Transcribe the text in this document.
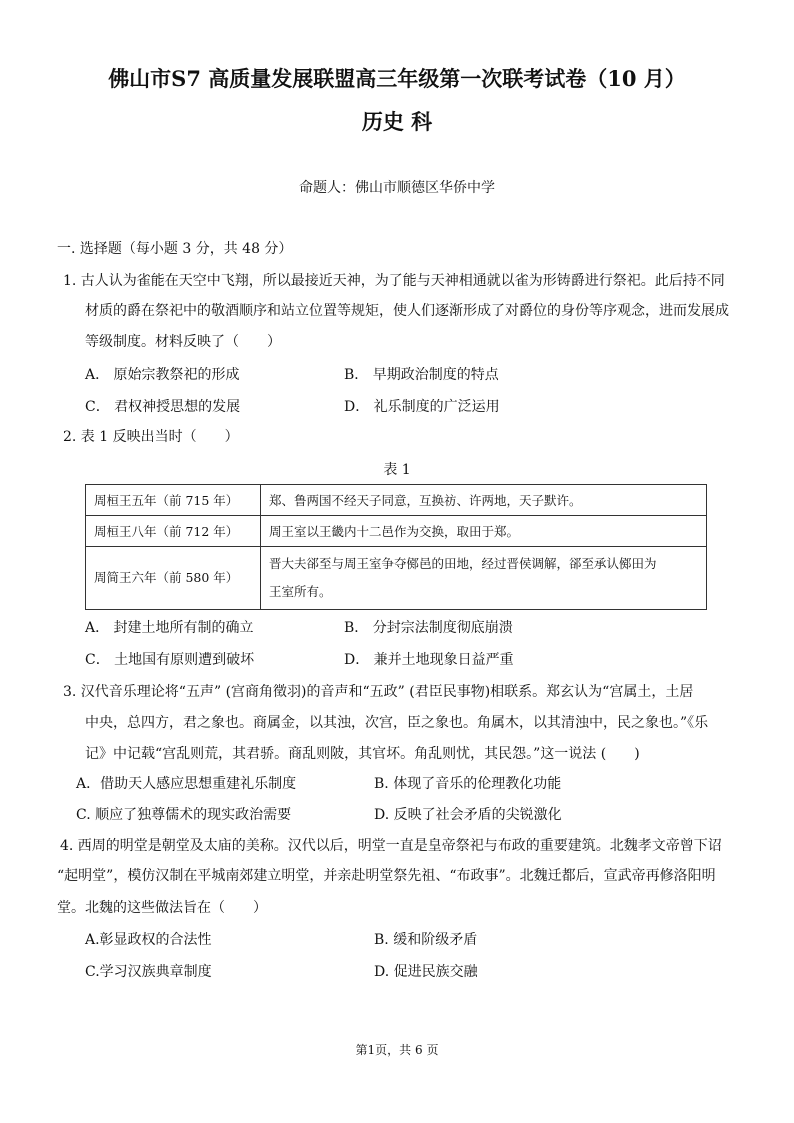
佛山市S7 高质量发展联盟高三年级第一次联考试卷（10 月）
历史 科
命题人：佛山市顺德区华侨中学
一. 选择题（每小题 3 分，共 48 分）
1. 古人认为雀能在天空中飞翔，所以最接近天神，为了能与天神相通就以雀为形铸爵进行祭祀。此后持不同
材质的爵在祭祀中的敬酒顺序和站立位置等规矩，使人们逐渐形成了对爵位的身份等序观念，进而发展成
等级制度。材料反映了（　　）
A． 原始宗教祭祀的形成	B． 早期政治制度的特点
C． 君权神授思想的发展	D． 礼乐制度的广泛运用
2. 表 1 反映出当时（　　）
表 1
周桓王五年（前 715 年）	郑、鲁两国不经天子同意，互换祊、许两地，天子默许。
周桓王八年（前 712 年）	周王室以王畿内十二邑作为交换，取田于郑。
周简王六年（前 580 年）	晋大夫郤至与周王室争夺鄇邑的田地，经过晋侯调解，郤至承认鄇田为
王室所有。
A． 封建土地所有制的确立	B． 分封宗法制度彻底崩溃
C． 土地国有原则遭到破坏	D． 兼并土地现象日益严重
3. 汉代音乐理论将“五声” (宫商角徵羽)的音声和“五政” (君臣民事物)相联系。郑玄认为“宫属土，土居
中央，总四方，君之象也。商属金，以其浊，次宫，臣之象也。角属木，以其清浊中，民之象也。”《乐
记》中记载“宫乱则荒，其君骄。商乱则陂，其官坏。角乱则忧，其民怨。”这一说法 (　　)
A．借助天人感应思想重建礼乐制度	B. 体现了音乐的伦理教化功能
C. 顺应了独尊儒术的现实政治需要	D. 反映了社会矛盾的尖锐激化
4. 西周的明堂是朝堂及太庙的美称。汉代以后，明堂一直是皇帝祭祀与布政的重要建筑。北魏孝文帝曾下诏
“起明堂”，模仿汉制在平城南郊建立明堂，并亲赴明堂祭先祖、“布政事”。北魏迁都后，宣武帝再修洛阳明
堂。北魏的这些做法旨在（　　）
A.彰显政权的合法性	B. 缓和阶级矛盾
C.学习汉族典章制度	D. 促进民族交融
第1页，共 6 页
